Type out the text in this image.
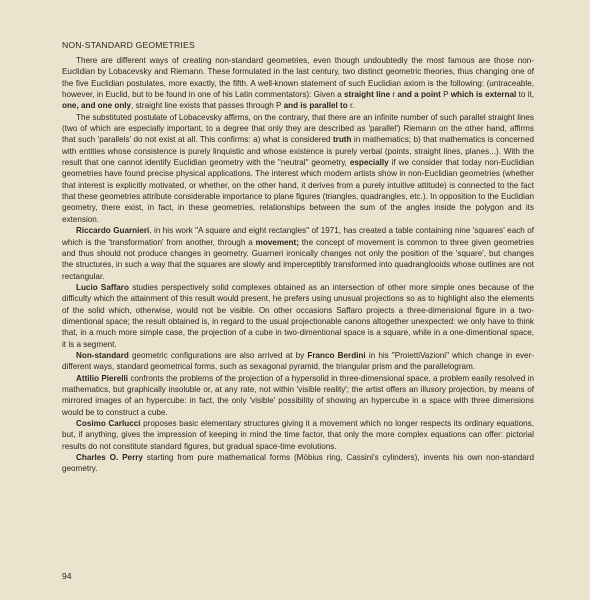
NON-STANDARD GEOMETRIES

There are different ways of creating non-standard geometries, even though undoubtedly the most famous are those non-Euclidian by Lobacevsky and Riemann. These formulated in the last century, two distinct geometric theories, thus changing one of the five Euclidian postulates, more exactly, the fifth. A well-known statement of such Euclidian axiom is the following: (untraceable, however, in Euclid, but to be found in one of his Latin commentators): Given a straight line r and a point P which is external to it, one, and one only, straight line exists that passes through P and is parallel to r.

The substituted postulate of Lobacevsky affirms, on the contrary, that there are an infinite number of such parallel straight lines (two of which are especially important, to a degree that only they are described as 'parallel') Riemann on the other hand, affirms that such 'parallels' do not exist at all. This confirms: a) what is considered truth in mathematics; b) that mathematics is concerned with entities whose consistence is purely linquistic and whose existence is purely verbal (points, straight lines, planes...). With the result that one cannot identify Euclidian geometry with the "neutral" geometry, especially if we consider that today non-Euclidian geometries have found precise physical applications. The interest which modern artists show in non-Euclidian geometries (whether that interest is explicitly motivated, or whether, on the other hand, it derives from a purely intuitive attitude) is connected to the fact that these geometries attribute considerable importance to plane figures (triangles, quadrangles, etc.). In opposition to the Euclidian geometry, there exist, in fact, in these geometries, relationships between the sum of the angles inside the polygon and its extension.

Riccardo Guarnieri, in his work "A square and eight rectangles" of 1971, has created a table containing nine 'squares' each of which is the 'transformation' from another, through a movement; the concept of movement is common to three given geometries and thus should not produce changes in geometry. Guarneri ironically changes not only the position of the 'square', but changes the structures, in such a way that the squares are slowly and imperceptibly transformed into quadranglooids whose outlines are not rectangular.

Lucio Saffaro studies perspectively solid complexes obtained as an intersection of other more simple ones because of the difficulty which the attainment of this result would present, he prefers using unusual projections so as to highlight also the elements of the solid which, otherwise, would not be visible. On other occasions Saffaro projects a three-dimensional figure in a two-dimentional space; the result obtained is, in regard to the usual projectionable canons altogether unexpected: we only have to think that, in a much more simple case, the projection of a cube in two-dimentional space is a square, while in a one-dimentional space, it is a segment.

Non-standard geometric configurations are also arrived at by Franco Berdini in his "ProiettiVazioni" which change in ever-different ways, standard geometrical forms, such as sexagonal pyramid, the triangular prism and the parallelogram.

Attilio Pierelli confronts the problems of the projection of a hypersolid in three-dimensional space, a problem easily resolved in mathematics, but graphically insoluble or, at any rate, not within 'visible reality'; the artist offers an illusory projection, by means of mirrored images of an hypercube: in fact, the only 'visible' possibility of showing an hypercube in a space with three dimensions would be to construct a cube.

Cosimo Carlucci proposes basic elementary structures giving it a movement which no longer respects its ordinary equations, but, if anything, gives the impression of keeping in mind the time factor, that only the more complex equations can offer: pictorial results do not constitute standard figures, but gradual space-time evolutions.

Charles O. Perry starting from pure mathematical forms (Möbius ring, Cassini's cylinders), invents his own non-standard geometry.

94
